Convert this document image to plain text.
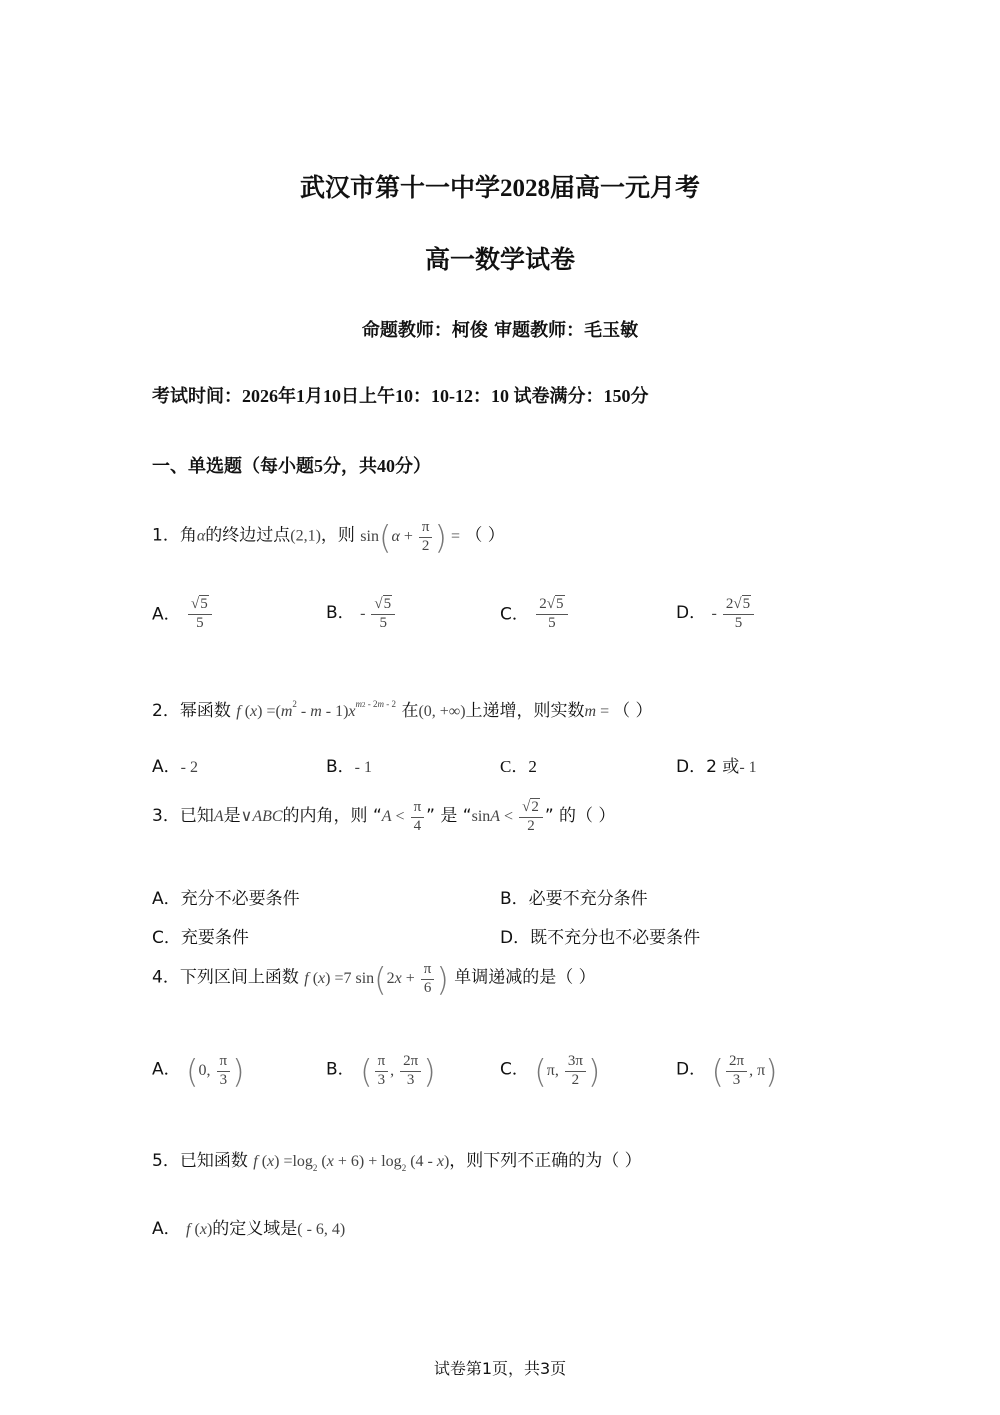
武汉市第十一中学2028届高一元月考
高一数学试卷
命题教师：柯俊 审题教师：毛玉敏
考试时间：2026年1月10日上午10：10-12：10 试卷满分：150分
一、单选题（每小题5分，共40分）
1．角α的终边过点(2,1)，则 $\sin(\alpha + \frac{\pi}{2}$ ) = （ ）
A． $\frac{√5}{5}$	B． - $\frac{√5}{5}$	C． $\frac{2√5}{5}$	D． - $\frac{2√5}{5}$
2．幂函数 f $(x) =(m^2 - m - 1)x^{m2 - 2m - 2}$ 在(0, +∞)上递增，则实数m = （ ）
A．- 2	B．- 1	C．2	D．2 或- 1
3．已知A是∨ABC的内角，则 “$A < \frac{\pi}{4}$ ” 是 “$\sin A < \frac{√2}{2}$ ” 的（ ）
A．充分不必要条件	B．必要不充分条件
C．充要条件	D．既不充分也不必要条件
4．下列区间上函数 f (x) =7 $\sin(2x + \frac{\pi}{6}$ ) 单调递减的是（ ）
A． (0, $\frac{\pi}{3}$ )	B． ( $\frac{\pi}{3}$ , $\frac{2\pi}{3}$ )	C． (π, $\frac{3\pi}{2}$ )	D． ( $\frac{2\pi}{3}$ , π)
5．已知函数 f $(x) =\log_2$ $(x + 6) + \log_2 (4 - x)$，则下列不正确的为（ ）
A． f (x)的定义域是( - 6, 4)
试卷第1页，共3页
